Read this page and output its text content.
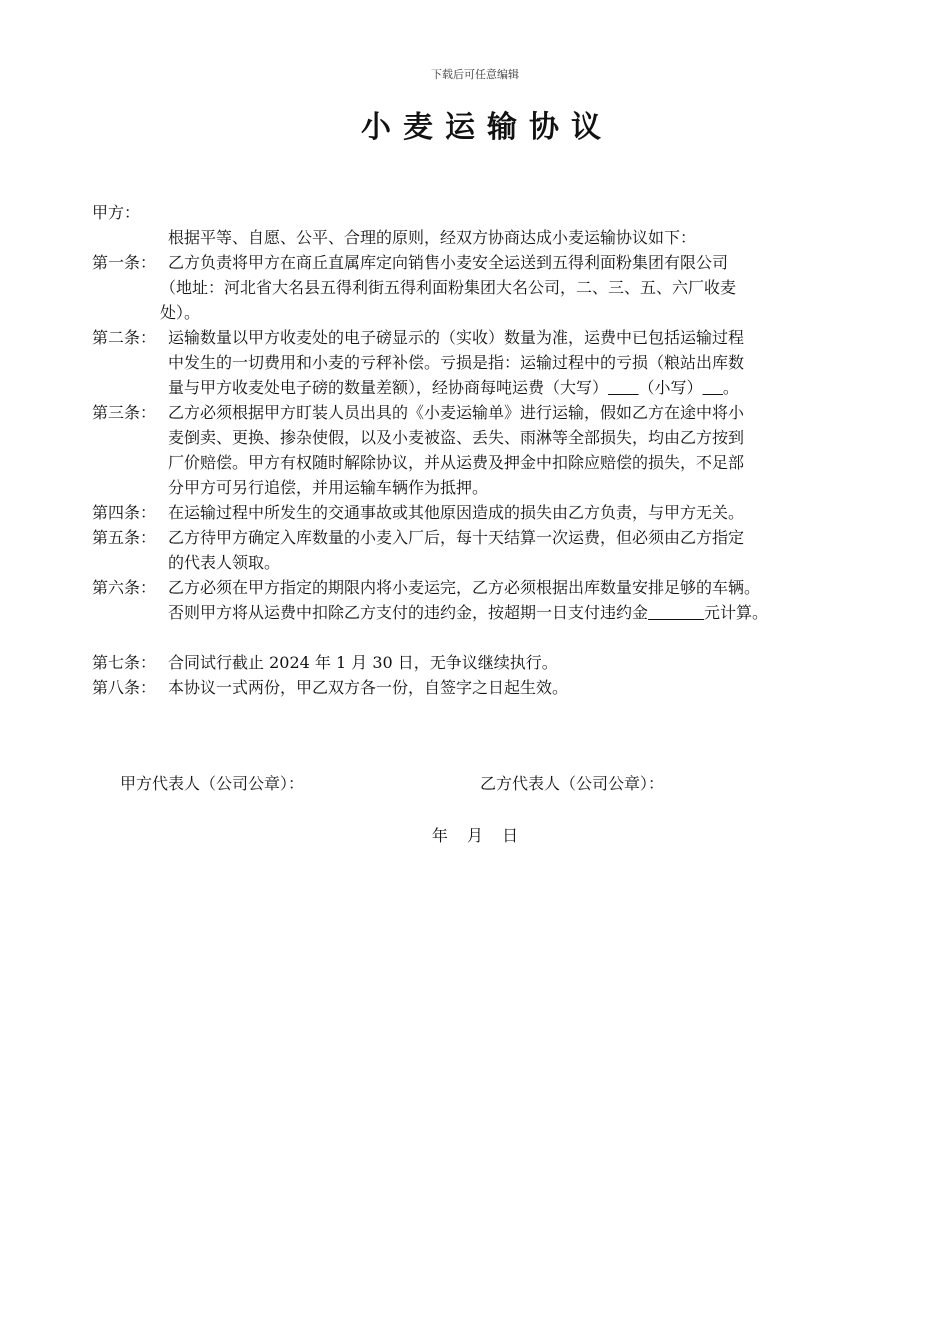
下载后可任意编辑
小麦运输协议
甲方：
根据平等、自愿、公平、合理的原则，经双方协商达成小麦运输协议如下：
第一条： 乙方负责将甲方在商丘直属库定向销售小麦安全运送到五得利面粉集团有限公司
（地址：河北省大名县五得利街五得利面粉集团大名公司，二、三、五、六厂收麦
处）。
第二条： 运输数量以甲方收麦处的电子磅显示的（实收）数量为准，运费中已包括运输过程
中发生的一切费用和小麦的亏秤补偿。亏损是指：运输过程中的亏损（粮站出库数
量与甲方收麦处电子磅的数量差额），经协商每吨运费（大写）​      （小写）​    。
第三条： 乙方必须根据甲方盯装人员出具的《小麦运输单》进行运输，假如乙方在途中将小
麦倒卖、更换、掺杂使假，以及小麦被盗、丢失、雨淋等全部损失，均由乙方按到
厂价赔偿。甲方有权随时解除协议，并从运费及押金中扣除应赔偿的损失，不足部
分甲方可另行追偿，并用运输车辆作为抵押。
第四条： 在运输过程中所发生的交通事故或其他原因造成的损失由乙方负责，与甲方无关。
第五条： 乙方待甲方确定入库数量的小麦入厂后，每十天结算一次运费，但必须由乙方指定
的代表人领取。
第六条： 乙方必须在甲方指定的期限内将小麦运完，乙方必须根据出库数量安排足够的车辆。
否则甲方将从运费中扣除乙方支付的违约金，按超期一日支付违约金​           元计算。
第七条： 合同试行截止 2024 年 1 月 30 日，无争议继续执行。
第八条： 本协议一式两份，甲乙双方各一份，自签字之日起生效。
甲方代表人（公司公章）：	乙方代表人（公司公章）：
年 月 日
